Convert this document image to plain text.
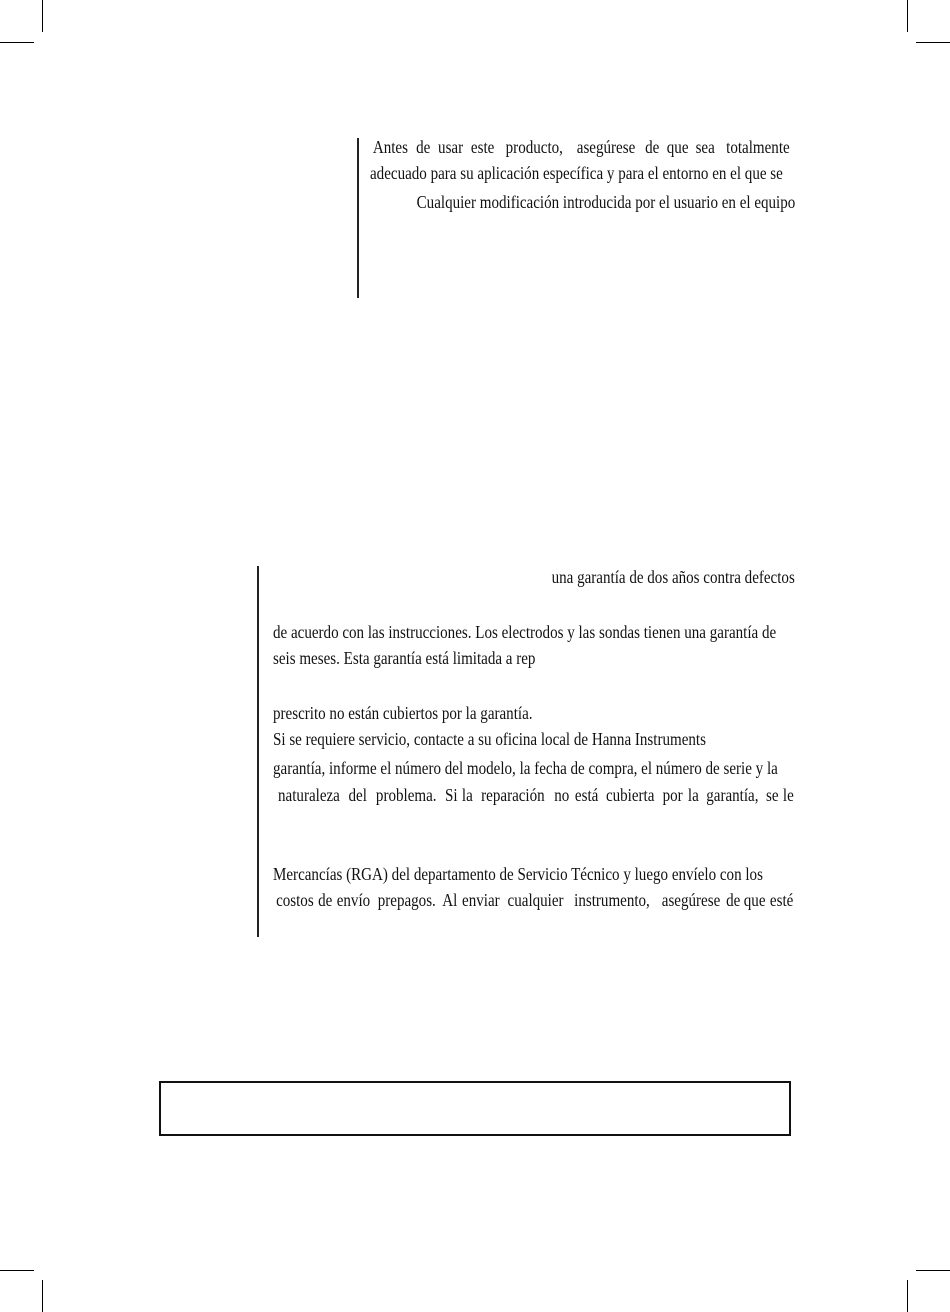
Antes de usar este producto, asegúrese de que sea totalmente
adecuado para su aplicación específica y para el entorno en el que se
Cualquier modificación introducida por el usuario en el equipo
una garantía de dos años contra defectos
de acuerdo con las instrucciones. Los electrodos y las sondas tienen una garantía de
seis meses. Esta garantía está limitada a rep
prescrito no están cubiertos por la garantía.
Si se requiere servicio, contacte a su oficina local de Hanna Instruments
garantía, informe el número del modelo, la fecha de compra, el número de serie y la
naturaleza del problema. Si la reparación no está cubierta por la garantía, se le
Mercancías (RGA) del departamento de Servicio Técnico y luego envíelo con los
costos de envío prepagos. Al enviar cualquier instrumento, asegúrese de que esté
